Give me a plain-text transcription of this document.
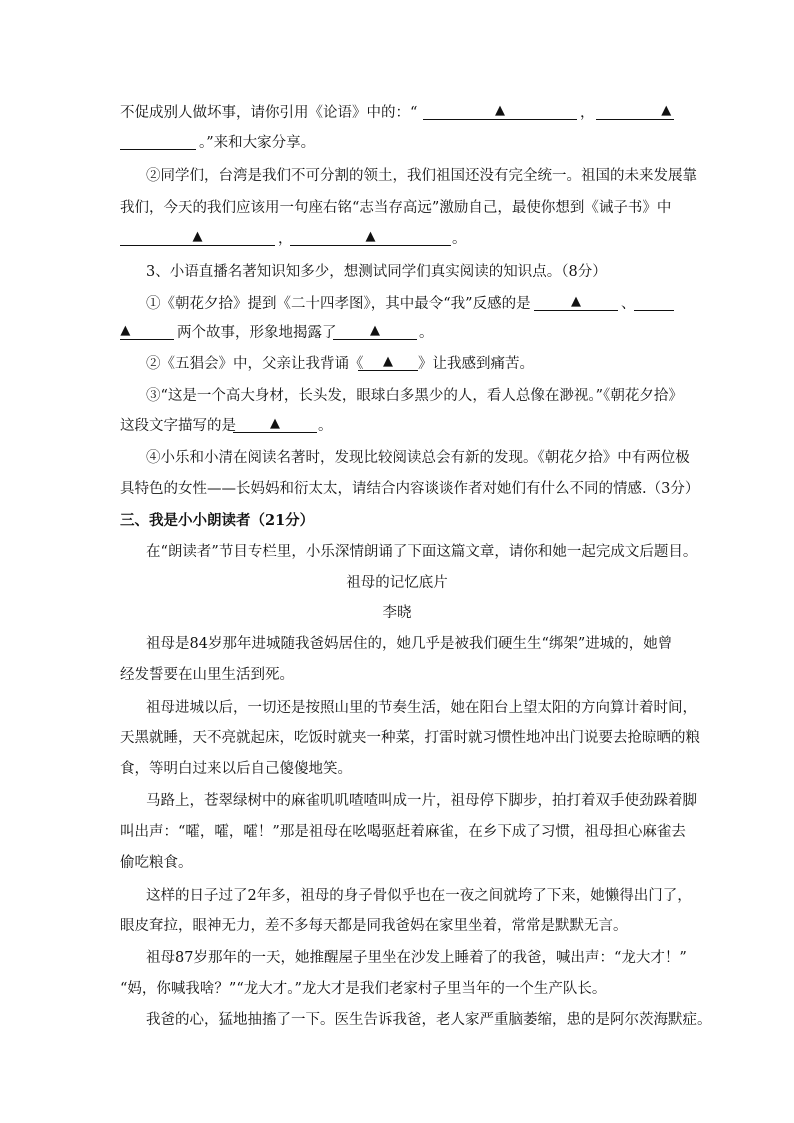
不促成别人做坏事，请你引用《论语》中的：“	▲	，	▲
。”来和大家分享。
②同学们，台湾是我们不可分割的领土，我们祖国还没有完全统一。祖国的未来发展靠
我们，今天的我们应该用一句座右铭“志当存高远”激励自己，最使你想到《诫子书》中
▲	，	▲	。
3、小语直播名著知识知多少，想测试同学们真实阅读的知识点。（8分）
①《朝花夕拾》提到《二十四孝图》，其中最令“我”反感的是	▲	、
▲	两个故事，形象地揭露了	▲	。
②《五猖会》中，父亲让我背诵《 ▲ 》让我感到痛苦。
③“这是一个高大身材，长头发，眼球白多黑少的人，看人总像在渺视。”《朝花夕拾》
这段文字描写的是	▲	。
④小乐和小清在阅读名著时，发现比较阅读总会有新的发现。《朝花夕拾》中有两位极
具特色的女性——长妈妈和衍太太，请结合内容谈谈作者对她们有什么不同的情感.（3分）
三、我是小小朗读者（21分）
在“朗读者”节目专栏里，小乐深情朗诵了下面这篇文章，请你和她一起完成文后题目。
祖母的记忆底片
李晓
祖母是84岁那年进城随我爸妈居住的，她几乎是被我们硬生生“绑架”进城的，她曾
经发誓要在山里生活到死。
祖母进城以后，一切还是按照山里的节奏生活，她在阳台上望太阳的方向算计着时间，
天黑就睡，天不亮就起床，吃饭时就夹一种菜，打雷时就习惯性地冲出门说要去抢晾晒的粮
食，等明白过来以后自己傻傻地笑。
马路上，苍翠绿树中的麻雀叽叽喳喳叫成一片，祖母停下脚步，拍打着双手使劲跺着脚
叫出声：“嚯，嚯，嚯！”那是祖母在吆喝驱赶着麻雀，在乡下成了习惯，祖母担心麻雀去
偷吃粮食。
这样的日子过了2年多，祖母的身子骨似乎也在一夜之间就垮了下来，她懒得出门了，
眼皮耷拉，眼神无力，差不多每天都是同我爸妈在家里坐着，常常是默默无言。
祖母87岁那年的一天，她推醒屋子里坐在沙发上睡着了的我爸，喊出声：“龙大才！”
“妈，你喊我啥？”“龙大才。”龙大才是我们老家村子里当年的一个生产队长。
我爸的心，猛地抽搐了一下。医生告诉我爸，老人家严重脑萎缩，患的是阿尔茨海默症。
